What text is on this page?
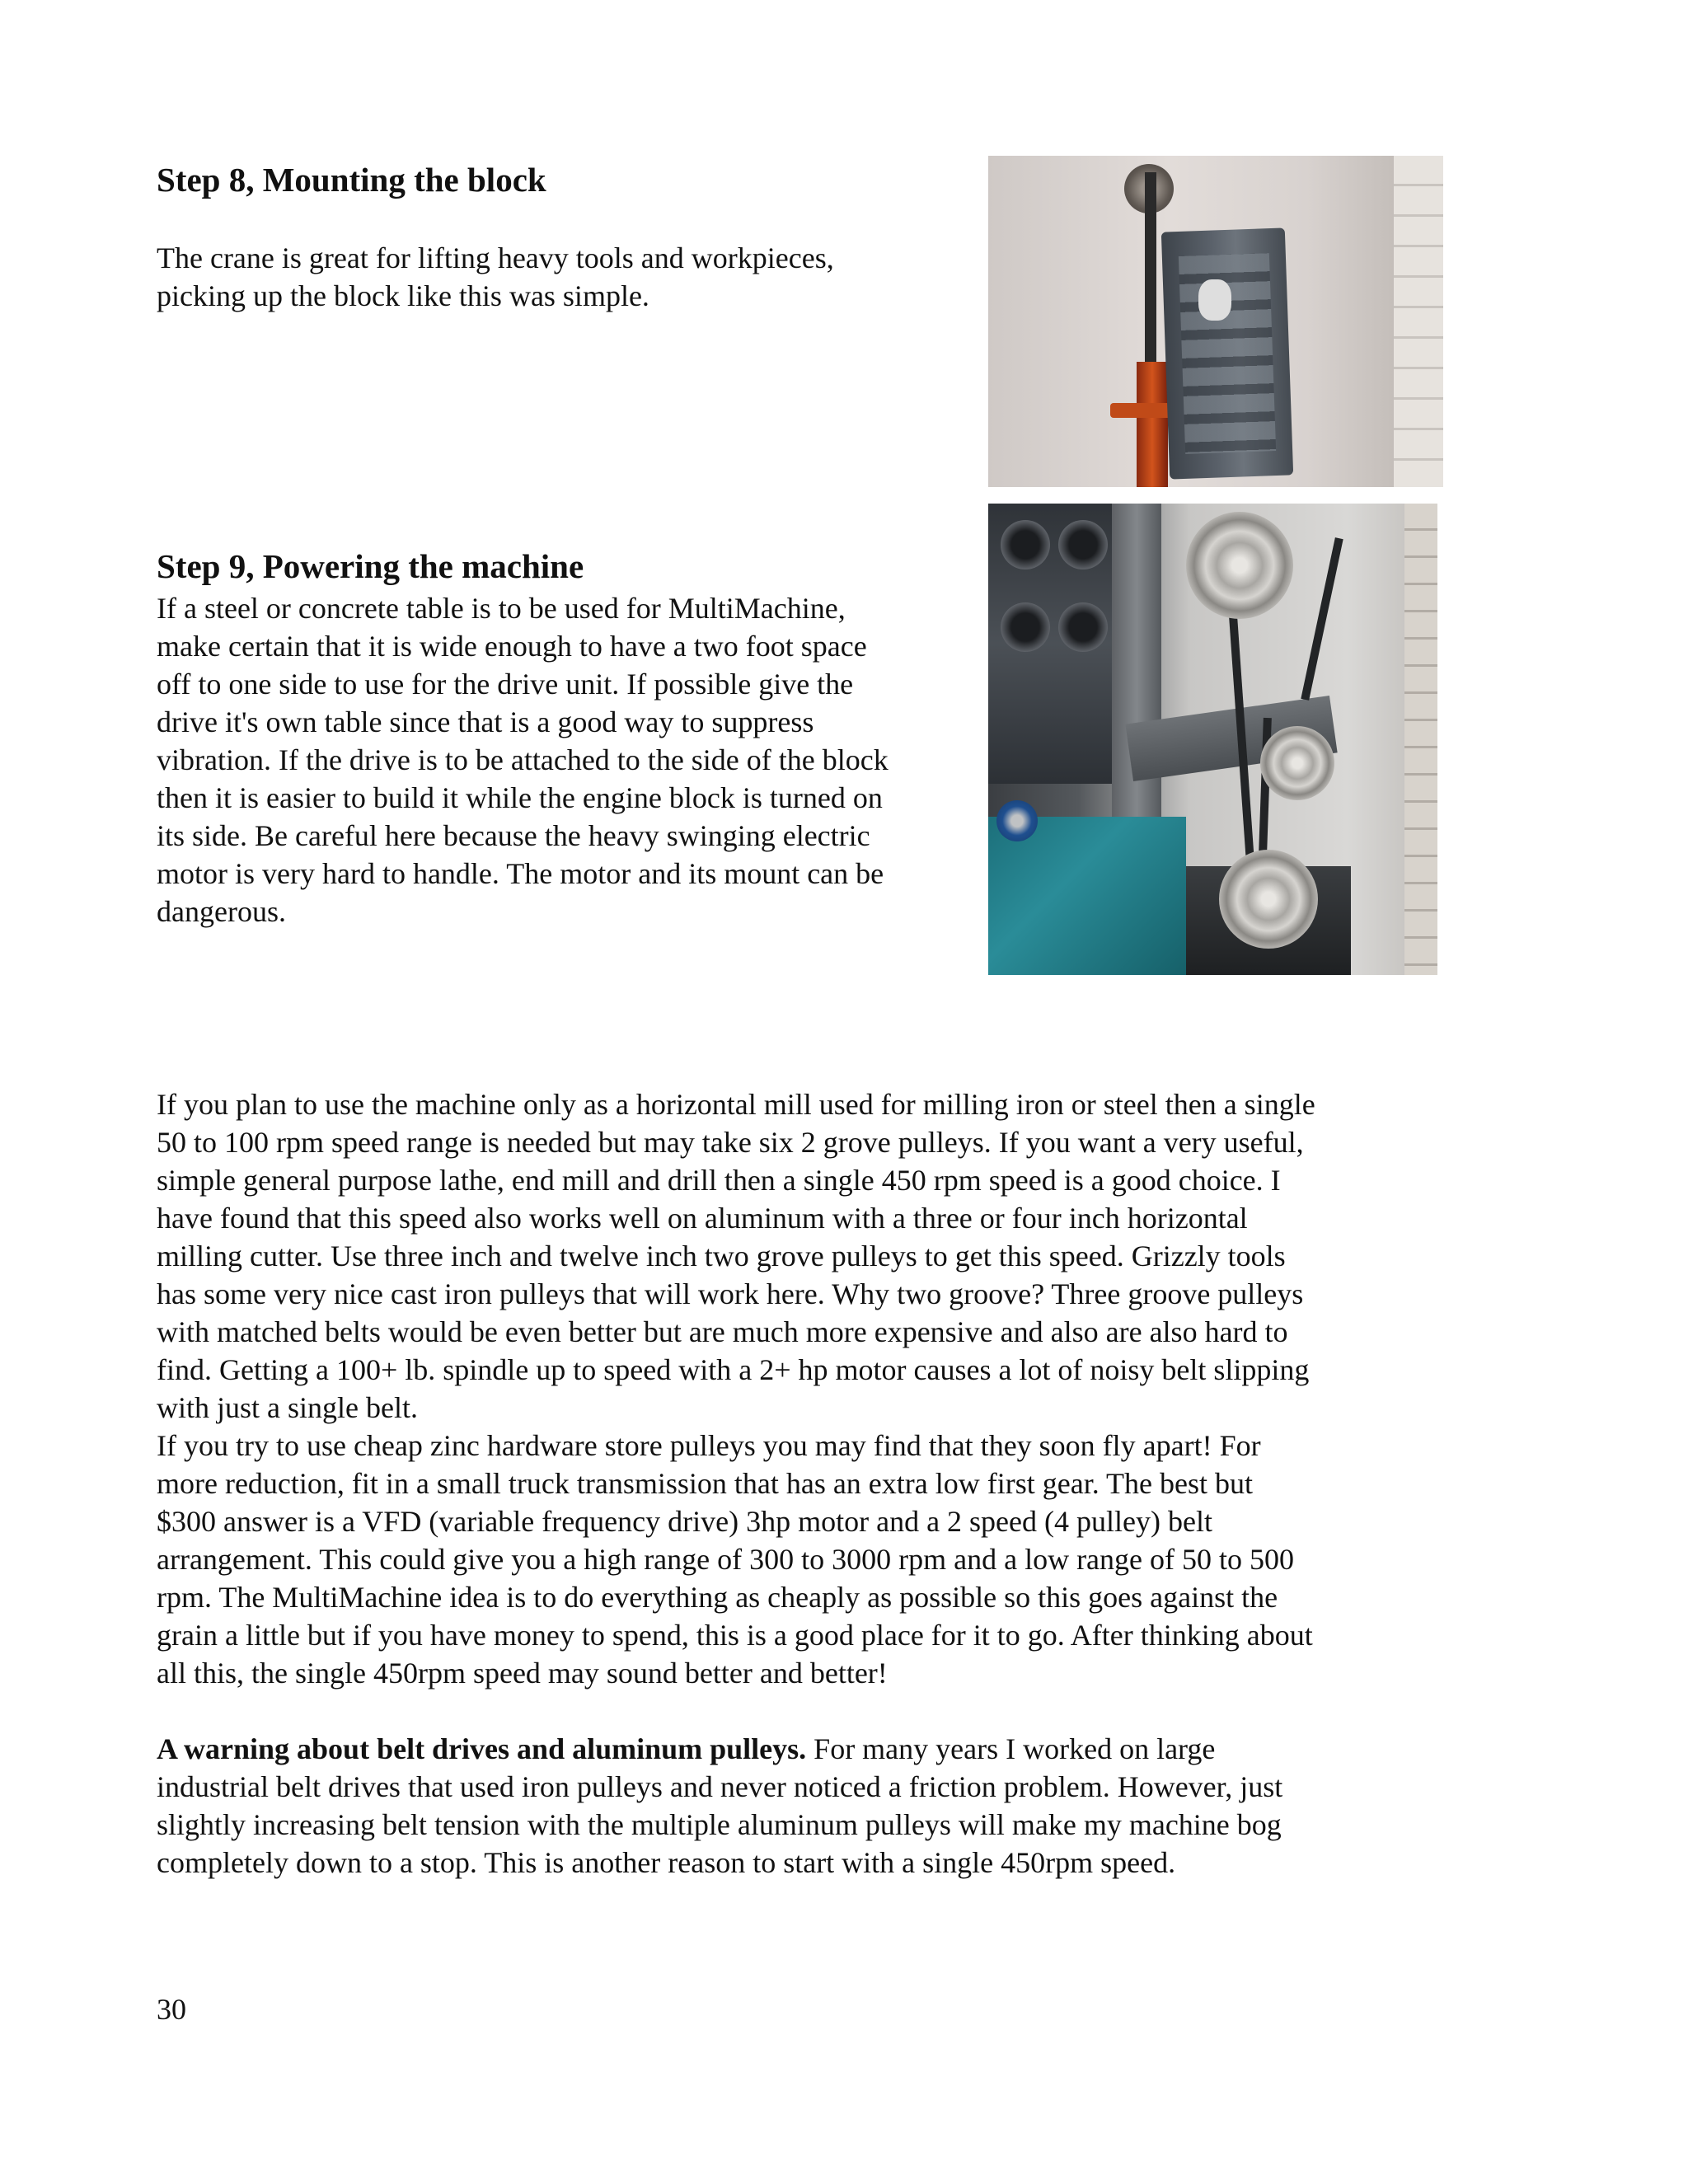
Step 8, Mounting the block
The crane is great for lifting heavy tools and workpieces,
picking up the block like this was simple.
Step 9, Powering the machine
If a steel or concrete table is to be used for MultiMachine,
make certain that it is wide enough to have a two foot space
off to one side to use for the drive unit. If possible give the
drive it's own table since that is a good way to suppress
vibration. If the drive is to be attached to the side of the block
then it is easier to build it while the engine block is turned on
its side. Be careful here because the heavy swinging electric
motor is very hard to handle. The motor and its mount can be
dangerous.
If you plan to use the machine only as a horizontal mill used for milling iron or steel then a single
50 to 100 rpm speed range is needed but may take six 2 grove pulleys. If you want a very useful,
simple general purpose lathe, end mill and drill then a single 450 rpm speed is a good choice. I
have found that this speed also works well on aluminum with a three or four inch horizontal
milling cutter. Use three inch and twelve inch two grove pulleys to get this speed. Grizzly tools
has some very nice cast iron pulleys that will work here. Why two groove? Three groove pulleys
with matched belts would be even better but are much more expensive and also are also hard to
find. Getting a 100+ lb. spindle up to speed with a 2+ hp motor causes a lot of noisy belt slipping
with just a single belt.
If you try to use cheap zinc hardware store pulleys you may find that they soon fly apart! For
more reduction, fit in a small truck transmission that has an extra low first gear. The best but
$300 answer is a VFD (variable frequency drive) 3hp motor and a 2 speed (4 pulley) belt
arrangement. This could give you a high range of 300 to 3000 rpm and a low range of 50 to 500
rpm. The MultiMachine idea is to do everything as cheaply as possible so this goes against the
grain a little but if you have money to spend, this is a good place for it to go. After thinking about
all this, the single 450rpm speed may sound better and better!
A warning about belt drives and aluminum pulleys. For many years I worked on large
industrial belt drives that used iron pulleys and never noticed a friction problem. However, just
slightly increasing belt tension with the multiple aluminum pulleys will make my machine bog
completely down to a stop. This is another reason to start with a single 450rpm speed.
30
